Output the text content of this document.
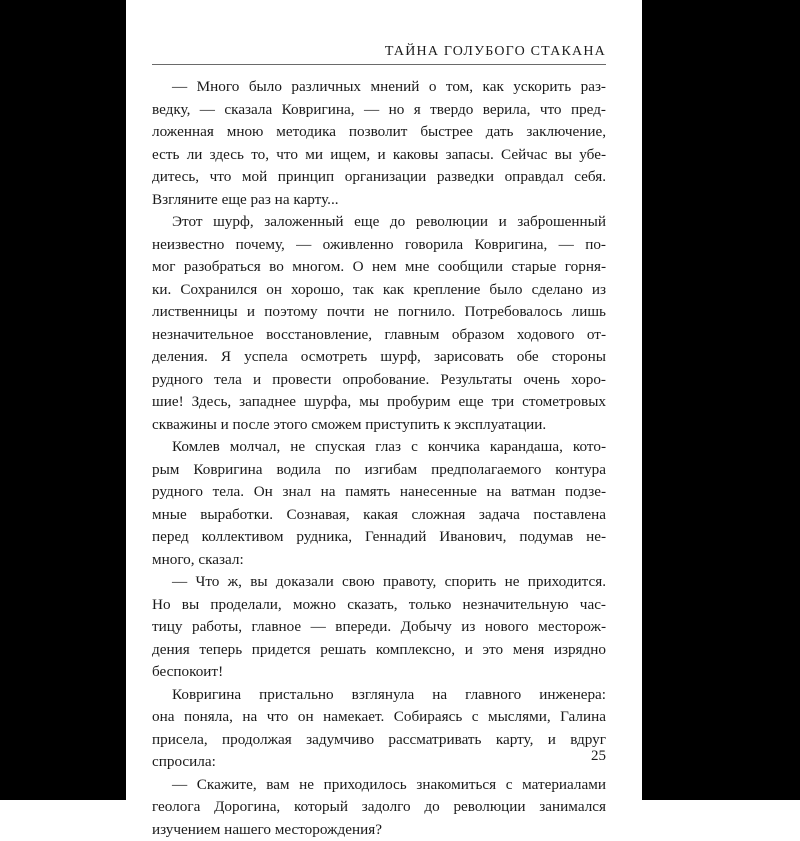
ТАЙНА ГОЛУБОГО СТАКАНА
— Много было различных мнений о том, как ускорить раз-
ведку, — сказала Ковригина, — но я твердо верила, что пред-
ложенная мною методика позволит быстрее дать заключение,
есть ли здесь то, что ми ищем, и каковы запасы. Сейчас вы убе-
дитесь, что мой принцип организации разведки оправдал себя.
Взгляните еще раз на карту...
Этот шурф, заложенный еще до революции и заброшенный
неизвестно почему, — оживленно говорила Ковригина, — по-
мог разобраться во многом. О нем мне сообщили старые горня-
ки. Сохранился он хорошо, так как крепление было сделано из
лиственницы и поэтому почти не погнило. Потребовалось лишь
незначительное восстановление, главным образом ходового от-
деления. Я успела осмотреть шурф, зарисовать обе стороны
рудного тела и провести опробование. Результаты очень хоро-
шие! Здесь, западнее шурфа, мы пробурим еще три стометровых
скважины и после этого сможем приступить к эксплуатации.
Комлев молчал, не спуская глаз с кончика карандаша, кото-
рым Ковригина водила по изгибам предполагаемого контура
рудного тела. Он знал на память нанесенные на ватман подзе-
мные выработки. Сознавая, какая сложная задача поставлена
перед коллективом рудника, Геннадий Иванович, подумав не-
много, сказал:
— Что ж, вы доказали свою правоту, спорить не приходится.
Но вы проделали, можно сказать, только незначительную час-
тицу работы, главное — впереди. Добычу из нового месторож-
дения теперь придется решать комплексно, и это меня изрядно
беспокоит!
Ковригина пристально взглянула на главного инженера:
она поняла, на что он намекает. Собираясь с мыслями, Галина
присела, продолжая задумчиво рассматривать карту, и вдруг
спросила:
— Скажите, вам не приходилось знакомиться с материалами
геолога Дорогина, который задолго до революции занимался
изучением нашего месторождения?
25
